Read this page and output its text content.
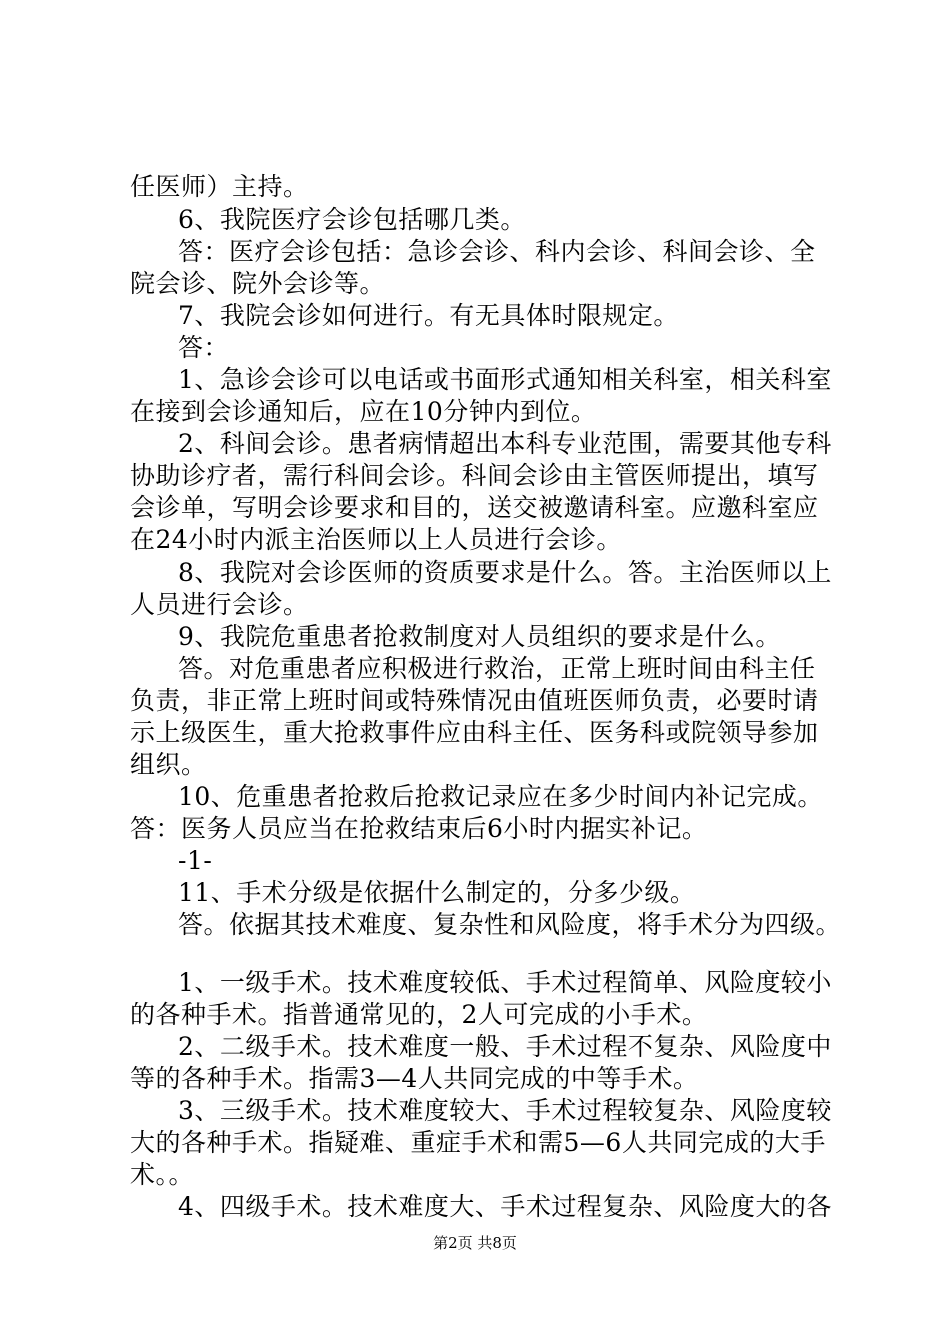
任医师）主持。
6、我院医疗会诊包括哪几类。
答：医疗会诊包括：急诊会诊、科内会诊、科间会诊、全
院会诊、院外会诊等。
7、我院会诊如何进行。有无具体时限规定。
答：
1、急诊会诊可以电话或书面形式通知相关科室，相关科室
在接到会诊通知后，应在10分钟内到位。
2、科间会诊。患者病情超出本科专业范围，需要其他专科
协助诊疗者，需行科间会诊。科间会诊由主管医师提出，填写
会诊单，写明会诊要求和目的，送交被邀请科室。应邀科室应
在24小时内派主治医师以上人员进行会诊。
8、我院对会诊医师的资质要求是什么。答。主治医师以上
人员进行会诊。
9、我院危重患者抢救制度对人员组织的要求是什么。
答。对危重患者应积极进行救治，正常上班时间由科主任
负责，非正常上班时间或特殊情况由值班医师负责，必要时请
示上级医生，重大抢救事件应由科主任、医务科或院领导参加
组织。
10、危重患者抢救后抢救记录应在多少时间内补记完成。
答：医务人员应当在抢救结束后6小时内据实补记。
-1-
11、手术分级是依据什么制定的，分多少级。
答。依据其技术难度、复杂性和风险度，将手术分为四级。
1、一级手术。技术难度较低、手术过程简单、风险度较小
的各种手术。指普通常见的，2人可完成的小手术。
2、二级手术。技术难度一般、手术过程不复杂、风险度中
等的各种手术。指需3—4人共同完成的中等手术。
3、三级手术。技术难度较大、手术过程较复杂、风险度较
大的各种手术。指疑难、重症手术和需5—6人共同完成的大手
术。。
4、四级手术。技术难度大、手术过程复杂、风险度大的各
第2页 共8页
